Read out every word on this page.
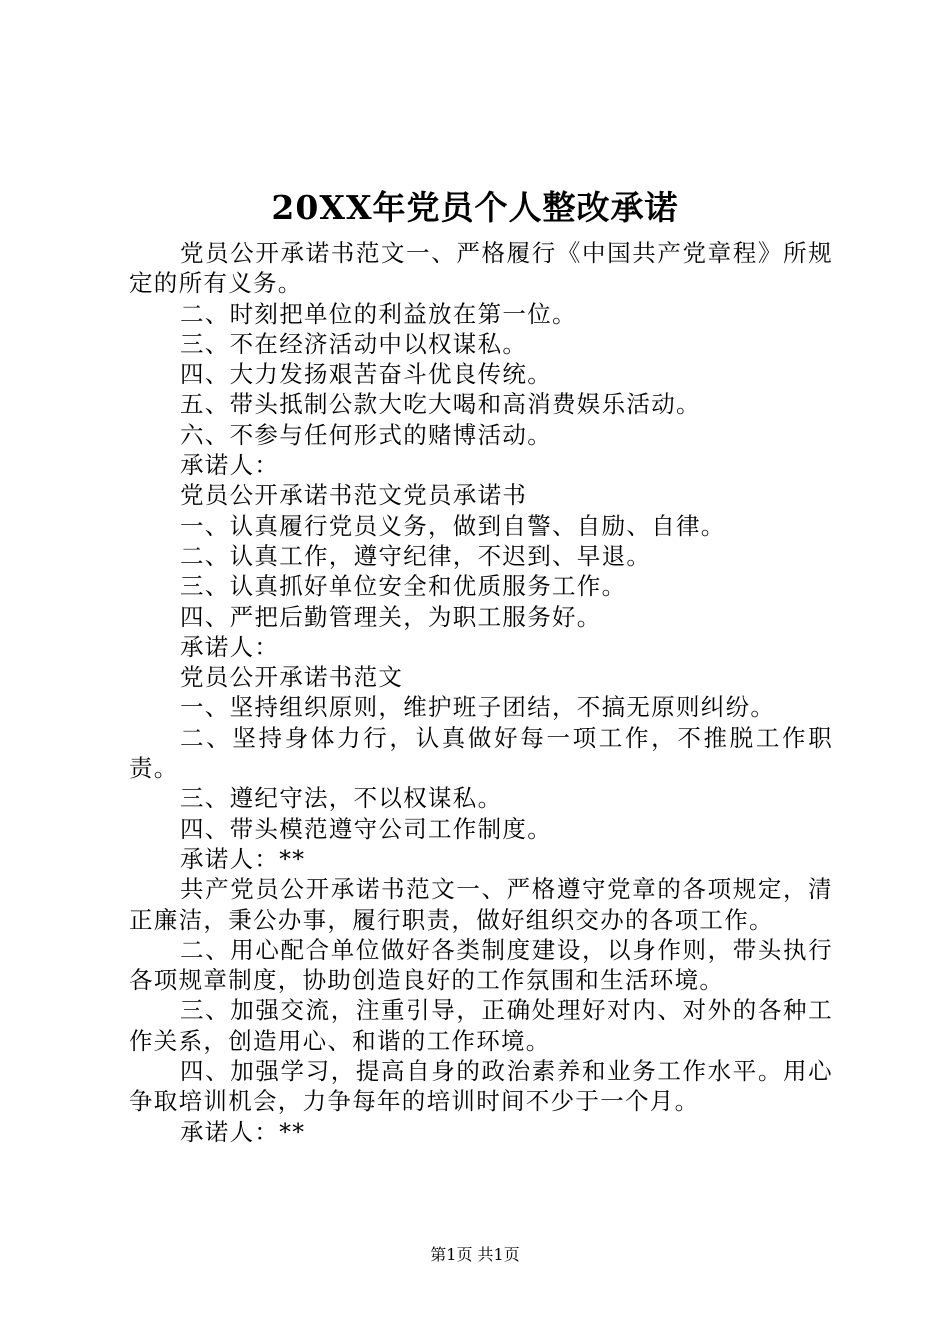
20XX年党员个人整改承诺

党员公开承诺书范文一、严格履行《中国共产党章程》所规定的所有义务。

二、时刻把单位的利益放在第一位。

三、不在经济活动中以权谋私。

四、大力发扬艰苦奋斗优良传统。

五、带头抵制公款大吃大喝和高消费娱乐活动。

六、不参与任何形式的赌博活动。

承诺人：

党员公开承诺书范文党员承诺书

一、认真履行党员义务，做到自警、自励、自律。

二、认真工作，遵守纪律，不迟到、早退。

三、认真抓好单位安全和优质服务工作。

四、严把后勤管理关，为职工服务好。

承诺人：

党员公开承诺书范文

一、坚持组织原则，维护班子团结，不搞无原则纠纷。

二、坚持身体力行，认真做好每一项工作，不推脱工作职责。

三、遵纪守法，不以权谋私。

四、带头模范遵守公司工作制度。

承诺人：**

共产党员公开承诺书范文一、严格遵守党章的各项规定，清正廉洁，秉公办事，履行职责，做好组织交办的各项工作。

二、用心配合单位做好各类制度建设，以身作则，带头执行各项规章制度，协助创造良好的工作氛围和生活环境。

三、加强交流，注重引导，正确处理好对内、对外的各种工作关系，创造用心、和谐的工作环境。

四、加强学习，提高自身的政治素养和业务工作水平。用心争取培训机会，力争每年的培训时间不少于一个月。

承诺人：**

第1页 共1页
